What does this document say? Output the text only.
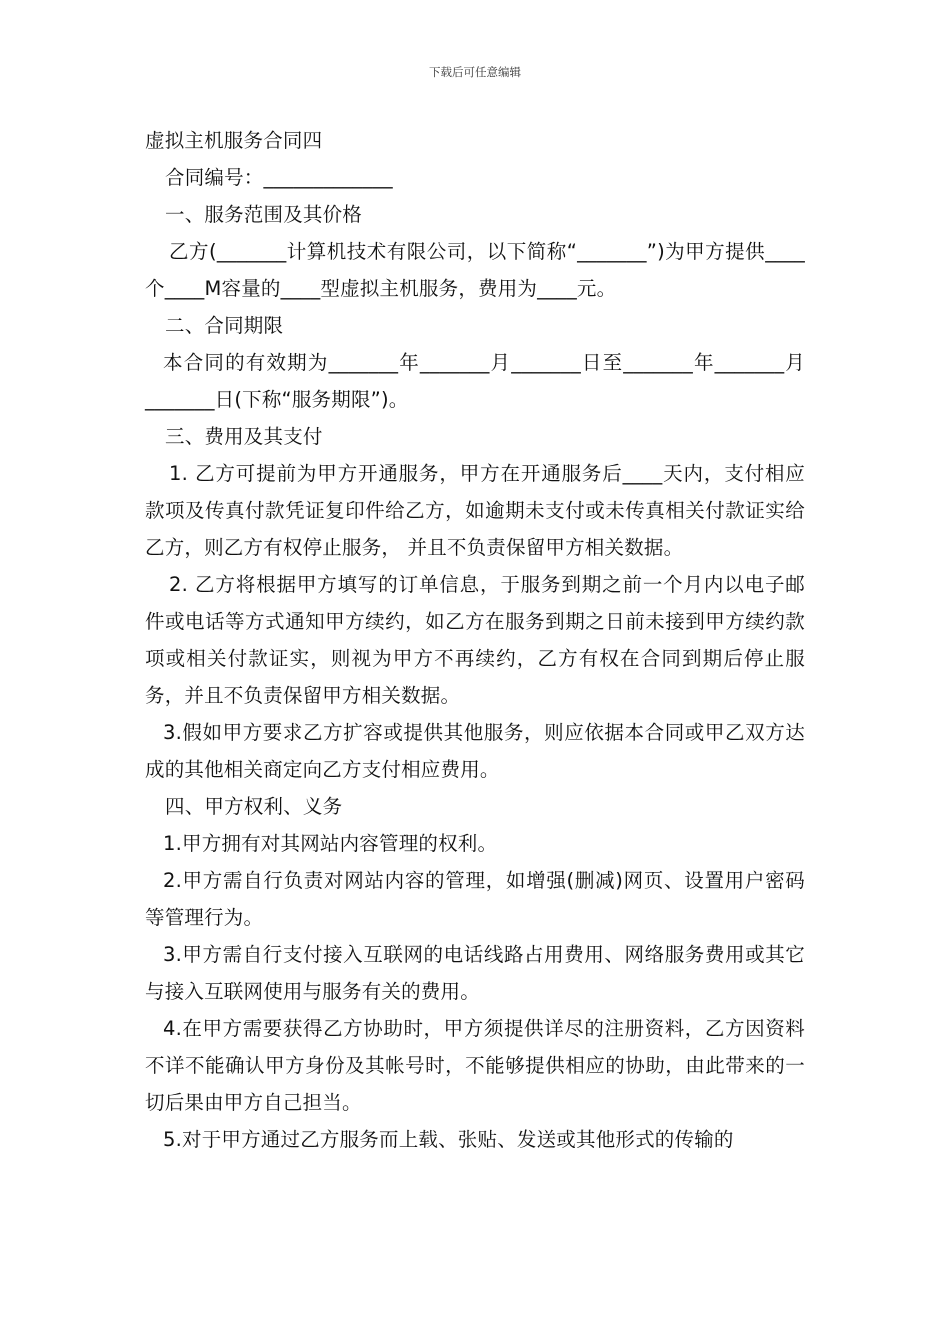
下载后可任意编辑

虚拟主机服务合同四

合同编号：_____________

一、服务范围及其价格

乙方(_______计算机技术有限公司，以下简称“_______”)为甲方提供____个____M容量的____型虚拟主机服务，费用为____元。

二、合同期限

本合同的有效期为_______年_______月_______日至_______年_______月_______日(下称“服务期限”)。

三、费用及其支付

1. 乙方可提前为甲方开通服务，甲方在开通服务后____天内，支付相应款项及传真付款凭证复印件给乙方，如逾期未支付或未传真相关付款证实给乙方，则乙方有权停止服务， 并且不负责保留甲方相关数据。

2. 乙方将根据甲方填写的订单信息，于服务到期之前一个月内以电子邮件或电话等方式通知甲方续约，如乙方在服务到期之日前未接到甲方续约款项或相关付款证实，则视为甲方不再续约，乙方有权在合同到期后停止服务，并且不负责保留甲方相关数据。

3.假如甲方要求乙方扩容或提供其他服务，则应依据本合同或甲乙双方达成的其他相关商定向乙方支付相应费用。

四、甲方权利、义务

1.甲方拥有对其网站内容管理的权利。

2.甲方需自行负责对网站内容的管理，如增强(删减)网页、设置用户密码等管理行为。

3.甲方需自行支付接入互联网的电话线路占用费用、网络服务费用或其它与接入互联网使用与服务有关的费用。

4.在甲方需要获得乙方协助时，甲方须提供详尽的注册资料，乙方因资料不详不能确认甲方身份及其帐号时，不能够提供相应的协助，由此带来的一切后果由甲方自己担当。

5.对于甲方通过乙方服务而上载、张贴、发送或其他形式的传输的
